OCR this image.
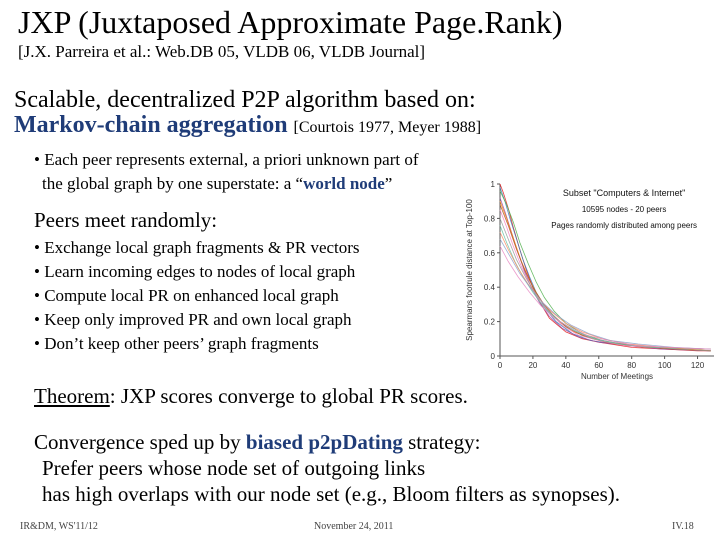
JXP (Juxtaposed Approximate Page.Rank)
[J.X. Parreira et al.: Web.DB 05, VLDB 06, VLDB Journal]
Scalable, decentralized P2P algorithm based on:
Markov-chain aggregation [Courtois 1977, Meyer 1988]
• Each peer represents external, a priori unknown part of
the global graph by one superstate: a “world node”
Peers meet randomly:
• Exchange local graph fragments & PR vectors
• Learn incoming edges to nodes of local graph
• Compute local PR on enhanced local graph
• Keep only improved PR and own local graph
• Don’t keep other peers’ graph fragments
0
0.2
0.4
0.6
0.8
1
0	20	40	60	80	100 120
Number of Meetings
Spearmans footrule distance at Top-100
Subset "Computers & Internet"
10595 nodes - 20 peers
Pages randomly distributed among peers
Theorem: JXP scores converge to global PR scores.
Convergence sped up by biased p2pDating strategy:
Prefer peers whose node set of outgoing links
has high overlaps with our node set (e.g., Bloom filters as synopses).
IR&DM, WS'11/12	November 24, 2011	IV.18
